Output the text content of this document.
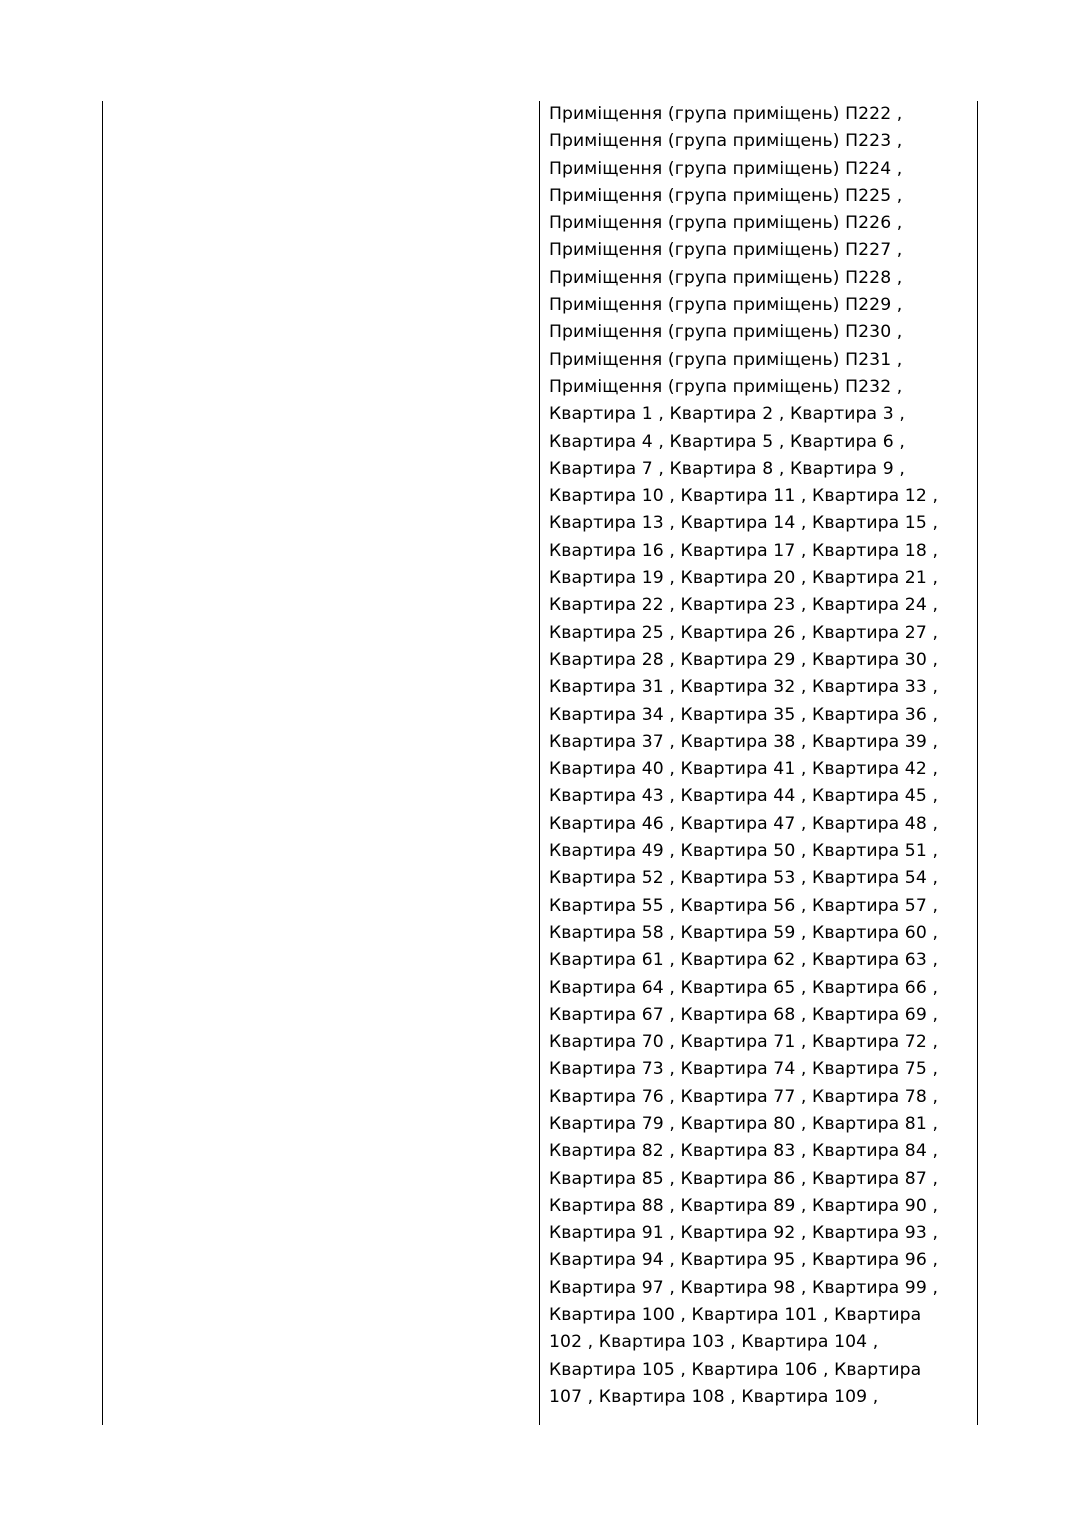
Приміщення (група приміщень) П222 ,
Приміщення (група приміщень) П223 ,
Приміщення (група приміщень) П224 ,
Приміщення (група приміщень) П225 ,
Приміщення (група приміщень) П226 ,
Приміщення (група приміщень) П227 ,
Приміщення (група приміщень) П228 ,
Приміщення (група приміщень) П229 ,
Приміщення (група приміщень) П230 ,
Приміщення (група приміщень) П231 ,
Приміщення (група приміщень) П232 ,
Квартира 1 , Квартира 2 , Квартира 3 ,
Квартира 4 , Квартира 5 , Квартира 6 ,
Квартира 7 , Квартира 8 , Квартира 9 ,
Квартира 10 , Квартира 11 , Квартира 12 ,
Квартира 13 , Квартира 14 , Квартира 15 ,
Квартира 16 , Квартира 17 , Квартира 18 ,
Квартира 19 , Квартира 20 , Квартира 21 ,
Квартира 22 , Квартира 23 , Квартира 24 ,
Квартира 25 , Квартира 26 , Квартира 27 ,
Квартира 28 , Квартира 29 , Квартира 30 ,
Квартира 31 , Квартира 32 , Квартира 33 ,
Квартира 34 , Квартира 35 , Квартира 36 ,
Квартира 37 , Квартира 38 , Квартира 39 ,
Квартира 40 , Квартира 41 , Квартира 42 ,
Квартира 43 , Квартира 44 , Квартира 45 ,
Квартира 46 , Квартира 47 , Квартира 48 ,
Квартира 49 , Квартира 50 , Квартира 51 ,
Квартира 52 , Квартира 53 , Квартира 54 ,
Квартира 55 , Квартира 56 , Квартира 57 ,
Квартира 58 , Квартира 59 , Квартира 60 ,
Квартира 61 , Квартира 62 , Квартира 63 ,
Квартира 64 , Квартира 65 , Квартира 66 ,
Квартира 67 , Квартира 68 , Квартира 69 ,
Квартира 70 , Квартира 71 , Квартира 72 ,
Квартира 73 , Квартира 74 , Квартира 75 ,
Квартира 76 , Квартира 77 , Квартира 78 ,
Квартира 79 , Квартира 80 , Квартира 81 ,
Квартира 82 , Квартира 83 , Квартира 84 ,
Квартира 85 , Квартира 86 , Квартира 87 ,
Квартира 88 , Квартира 89 , Квартира 90 ,
Квартира 91 , Квартира 92 , Квартира 93 ,
Квартира 94 , Квартира 95 , Квартира 96 ,
Квартира 97 , Квартира 98 , Квартира 99 ,
Квартира 100 , Квартира 101 , Квартира
102 , Квартира 103 , Квартира 104 ,
Квартира 105 , Квартира 106 , Квартира
107 , Квартира 108 , Квартира 109 ,
